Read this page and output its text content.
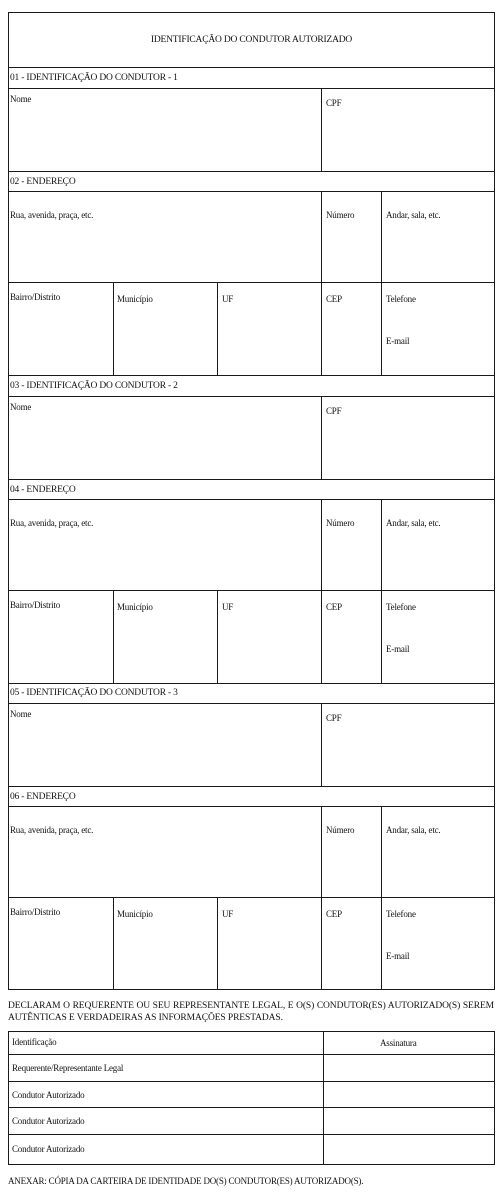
IDENTIFICAÇÃO DO CONDUTOR AUTORIZADO
01 - IDENTIFICAÇÃO DO CONDUTOR - 1
Nome	CPF
02 - ENDEREÇO
Rua, avenida, praça, etc.	Número	Andar, sala, etc.
Bairro/Distrito	Município	UF	CEP	Telefone
E-mail
03 - IDENTIFICAÇÃO DO CONDUTOR - 2
Nome	CPF
04 - ENDEREÇO
Rua, avenida, praça, etc.	Número	Andar, sala, etc.
Bairro/Distrito	Município	UF	CEP	Telefone
E-mail
05 - IDENTIFICAÇÃO DO CONDUTOR - 3
Nome	CPF
06 - ENDEREÇO
Rua, avenida, praça, etc.	Número	Andar, sala, etc.
Bairro/Distrito	Município	UF	CEP	Telefone
E-mail
DECLARAM O REQUERENTE OU SEU REPRESENTANTE LEGAL, E O(S) CONDUTOR(ES) AUTORIZADO(S) SEREM AUTÊNTICAS E VERDADEIRAS AS INFORMAÇÕES PRESTADAS.
Identificação	Assinatura
Requerente/Representante Legal
Condutor Autorizado
Condutor Autorizado
Condutor Autorizado
ANEXAR: CÓPIA DA CARTEIRA DE IDENTIDADE DO(S) CONDUTOR(ES) AUTORIZADO(S).
